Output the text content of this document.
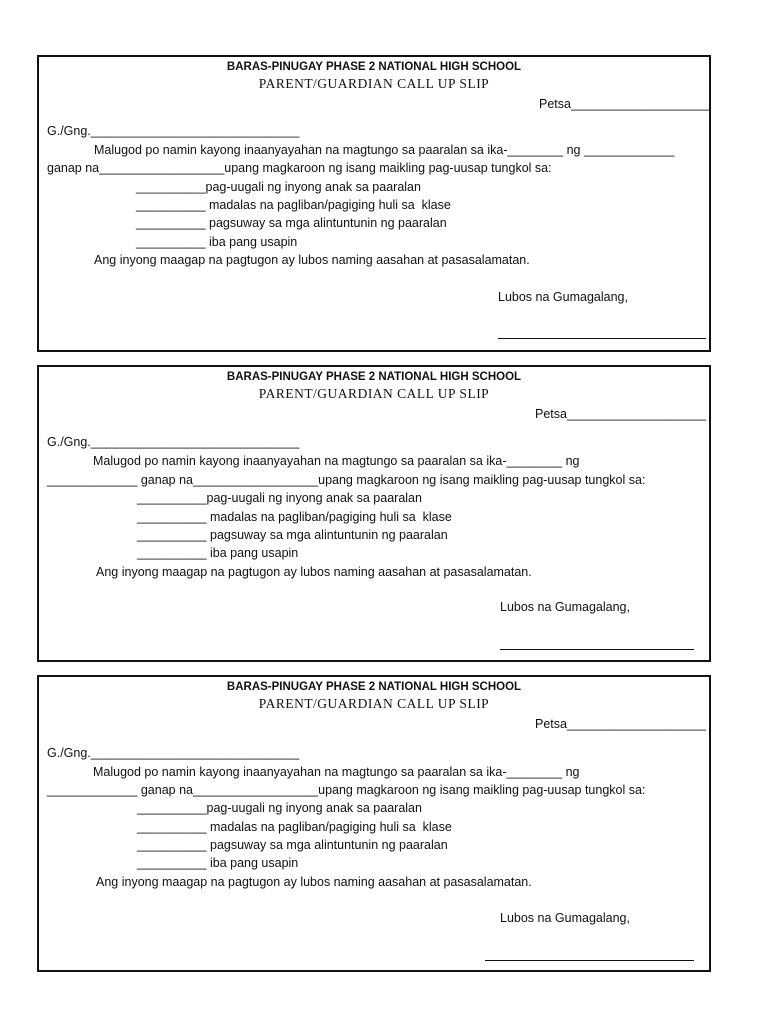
BARAS-PINUGAY PHASE 2 NATIONAL HIGH SCHOOL
PARENT/GUARDIAN CALL UP SLIP
Petsa____________________
G./Gng.______________________________
Malugod po namin kayong inaanyayahan na magtungo sa paaralan sa ika-________ ng _____________
ganap na__________________upang magkaroon ng isang maikling pag-uusap tungkol sa:
__________pag-uugali ng inyong anak sa paaralan
__________ madalas na pagliban/pagiging huli sa  klase
__________ pagsuway sa mga alintuntunin ng paaralan
__________ iba pang usapin
Ang inyong maagap na pagtugon ay lubos naming aasahan at pasasalamatan.
Lubos na Gumagalang,
BARAS-PINUGAY PHASE 2 NATIONAL HIGH SCHOOL
PARENT/GUARDIAN CALL UP SLIP
Petsa____________________
G./Gng.______________________________
Malugod po namin kayong inaanyayahan na magtungo sa paaralan sa ika-________ ng
_____________ ganap na__________________upang magkaroon ng isang maikling pag-uusap tungkol sa:
__________pag-uugali ng inyong anak sa paaralan
__________ madalas na pagliban/pagiging huli sa  klase
__________ pagsuway sa mga alintuntunin ng paaralan
__________ iba pang usapin
Ang inyong maagap na pagtugon ay lubos naming aasahan at pasasalamatan.
Lubos na Gumagalang,
BARAS-PINUGAY PHASE 2 NATIONAL HIGH SCHOOL
PARENT/GUARDIAN CALL UP SLIP
Petsa____________________
G./Gng.______________________________
Malugod po namin kayong inaanyayahan na magtungo sa paaralan sa ika-________ ng
_____________ ganap na__________________upang magkaroon ng isang maikling pag-uusap tungkol sa:
__________pag-uugali ng inyong anak sa paaralan
__________ madalas na pagliban/pagiging huli sa  klase
__________ pagsuway sa mga alintuntunin ng paaralan
__________ iba pang usapin
Ang inyong maagap na pagtugon ay lubos naming aasahan at pasasalamatan.
Lubos na Gumagalang,
